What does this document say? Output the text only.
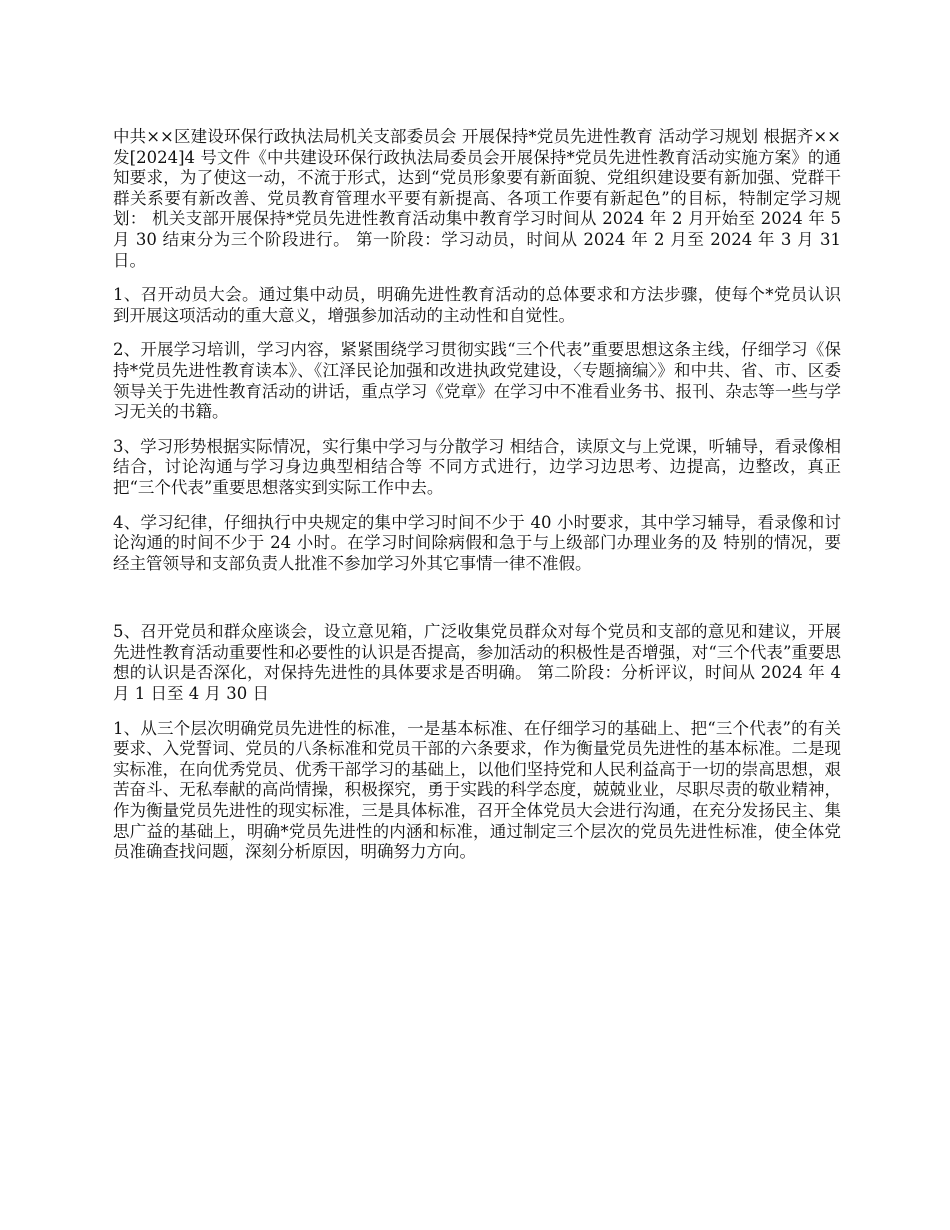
中共××区建设环保行政执法局机关支部委员会 开展保持*党员先进性教育 活动学习规划 根据齐××发[2024]4 号文件《中共建设环保行政执法局委员会开展保持*党员先进性教育活动实施方案》的通知要求，为了使这一动，不流于形式，达到“党员形象要有新面貌、党组织建设要有新加强、党群干群关系要有新改善、党员教育管理水平要有新提高、各项工作要有新起色”的目标，特制定学习规划： 机关支部开展保持*党员先进性教育活动集中教育学习时间从 2024 年 2 月开始至 2024 年 5 月 30 结束分为三个阶段进行。 第一阶段：学习动员，时间从 2024 年 2 月至 2024 年 3 月 31 日。

1、召开动员大会。通过集中动员，明确先进性教育活动的总体要求和方法步骤，使每个*党员认识到开展这项活动的重大意义，增强参加活动的主动性和自觉性。

2、开展学习培训，学习内容，紧紧围绕学习贯彻实践“三个代表”重要思想这条主线，仔细学习《保持*党员先进性教育读本》、《江泽民论加强和改进执政党建设，〈专题摘编〉》和中共、省、市、区委领导关于先进性教育活动的讲话，重点学习《党章》在学习中不准看业务书、报刊、杂志等一些与学习无关的书籍。

3、学习形势根据实际情况，实行集中学习与分散学习 相结合，读原文与上党课，听辅导，看录像相结合，讨论沟通与学习身边典型相结合等 不同方式进行，边学习边思考、边提高，边整改，真正把“三个代表”重要思想落实到实际工作中去。

4、学习纪律，仔细执行中央规定的集中学习时间不少于 40 小时要求，其中学习辅导，看录像和讨论沟通的时间不少于 24 小时。在学习时间除病假和急于与上级部门办理业务的及 特别的情况，要经主管领导和支部负责人批准不参加学习外其它事情一律不准假。

5、召开党员和群众座谈会，设立意见箱，广泛收集党员群众对每个党员和支部的意见和建议，开展先进性教育活动重要性和必要性的认识是否提高，参加活动的积极性是否增强，对“三个代表”重要思想的认识是否深化，对保持先进性的具体要求是否明确。 第二阶段：分析评议，时间从 2024 年 4 月 1 日至 4 月 30 日

1、从三个层次明确党员先进性的标准，一是基本标准、在仔细学习的基础上、把“三个代表”的有关要求、入党誓词、党员的八条标准和党员干部的六条要求，作为衡量党员先进性的基本标准。二是现实标准，在向优秀党员、优秀干部学习的基础上，以他们坚持党和人民利益高于一切的崇高思想，艰苦奋斗、无私奉献的高尚情操，积极探究，勇于实践的科学态度，兢兢业业，尽职尽责的敬业精神，作为衡量党员先进性的现实标准，三是具体标准，召开全体党员大会进行沟通，在充分发扬民主、集思广益的基础上，明确*党员先进性的内涵和标准，通过制定三个层次的党员先进性标准，使全体党员准确查找问题，深刻分析原因，明确努力方向。
